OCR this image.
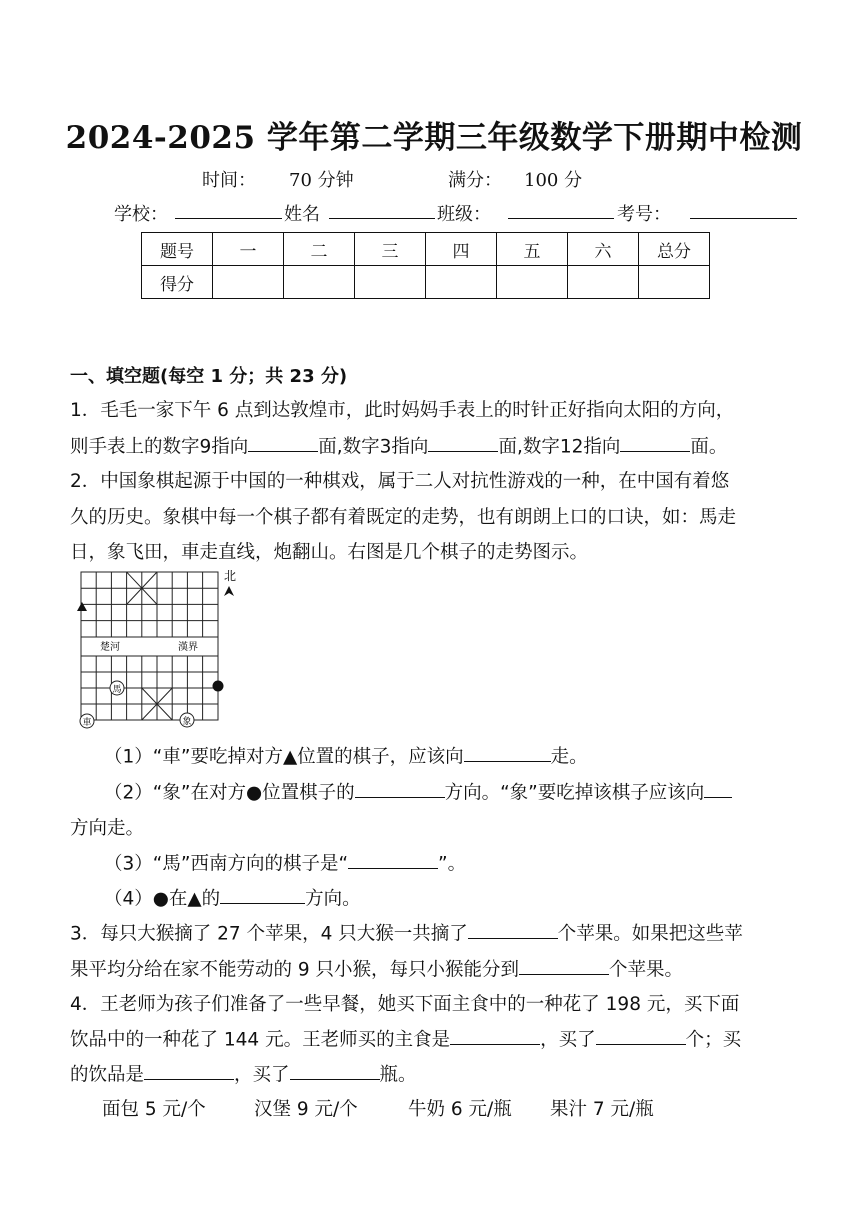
2024-2025 学年第二学期三年级数学下册期中检测
时间： 70 分钟	满分： 100 分
学校：	姓名	班级：	考号：
题号	一	二	三	四	五	六	总分
得分							
一、填空题(每空 1 分；共 23 分)
1．毛毛一家下午 6 点到达敦煌市，此时妈妈手表上的时针正好指向太阳的方向，
则手表上的数字9指向	面,数字3指向	面,数字12指向	面。
2．中国象棋起源于中国的一种棋戏，属于二人对抗性游戏的一种，在中国有着悠
久的历史。象棋中每一个棋子都有着既定的走势，也有朗朗上口的口诀，如：馬走
日，象飞田，車走直线，炮翻山。右图是几个棋子的走势图示。
楚河	漢界
北
馬
車	象
（1）“車”要吃掉对方▲位置的棋子，应该向	走。
（2）“象”在对方●位置棋子的	方向。“象”要吃掉该棋子应该向
方向走。
（3）“馬”西南方向的棋子是“	”。
（4）●在▲的	方向。
3．每只大猴摘了 27 个苹果，4 只大猴一共摘了	个苹果。如果把这些苹
果平均分给在家不能劳动的 9 只小猴，每只小猴能分到	个苹果。
4．王老师为孩子们准备了一些早餐，她买下面主食中的一种花了 198 元，买下面
饮品中的一种花了 144 元。王老师买的主食是	，买了	个；买
的饮品是	，买了	瓶。
面包 5 元/个	汉堡 9 元/个	牛奶 6 元/瓶 果汁 7 元/瓶
